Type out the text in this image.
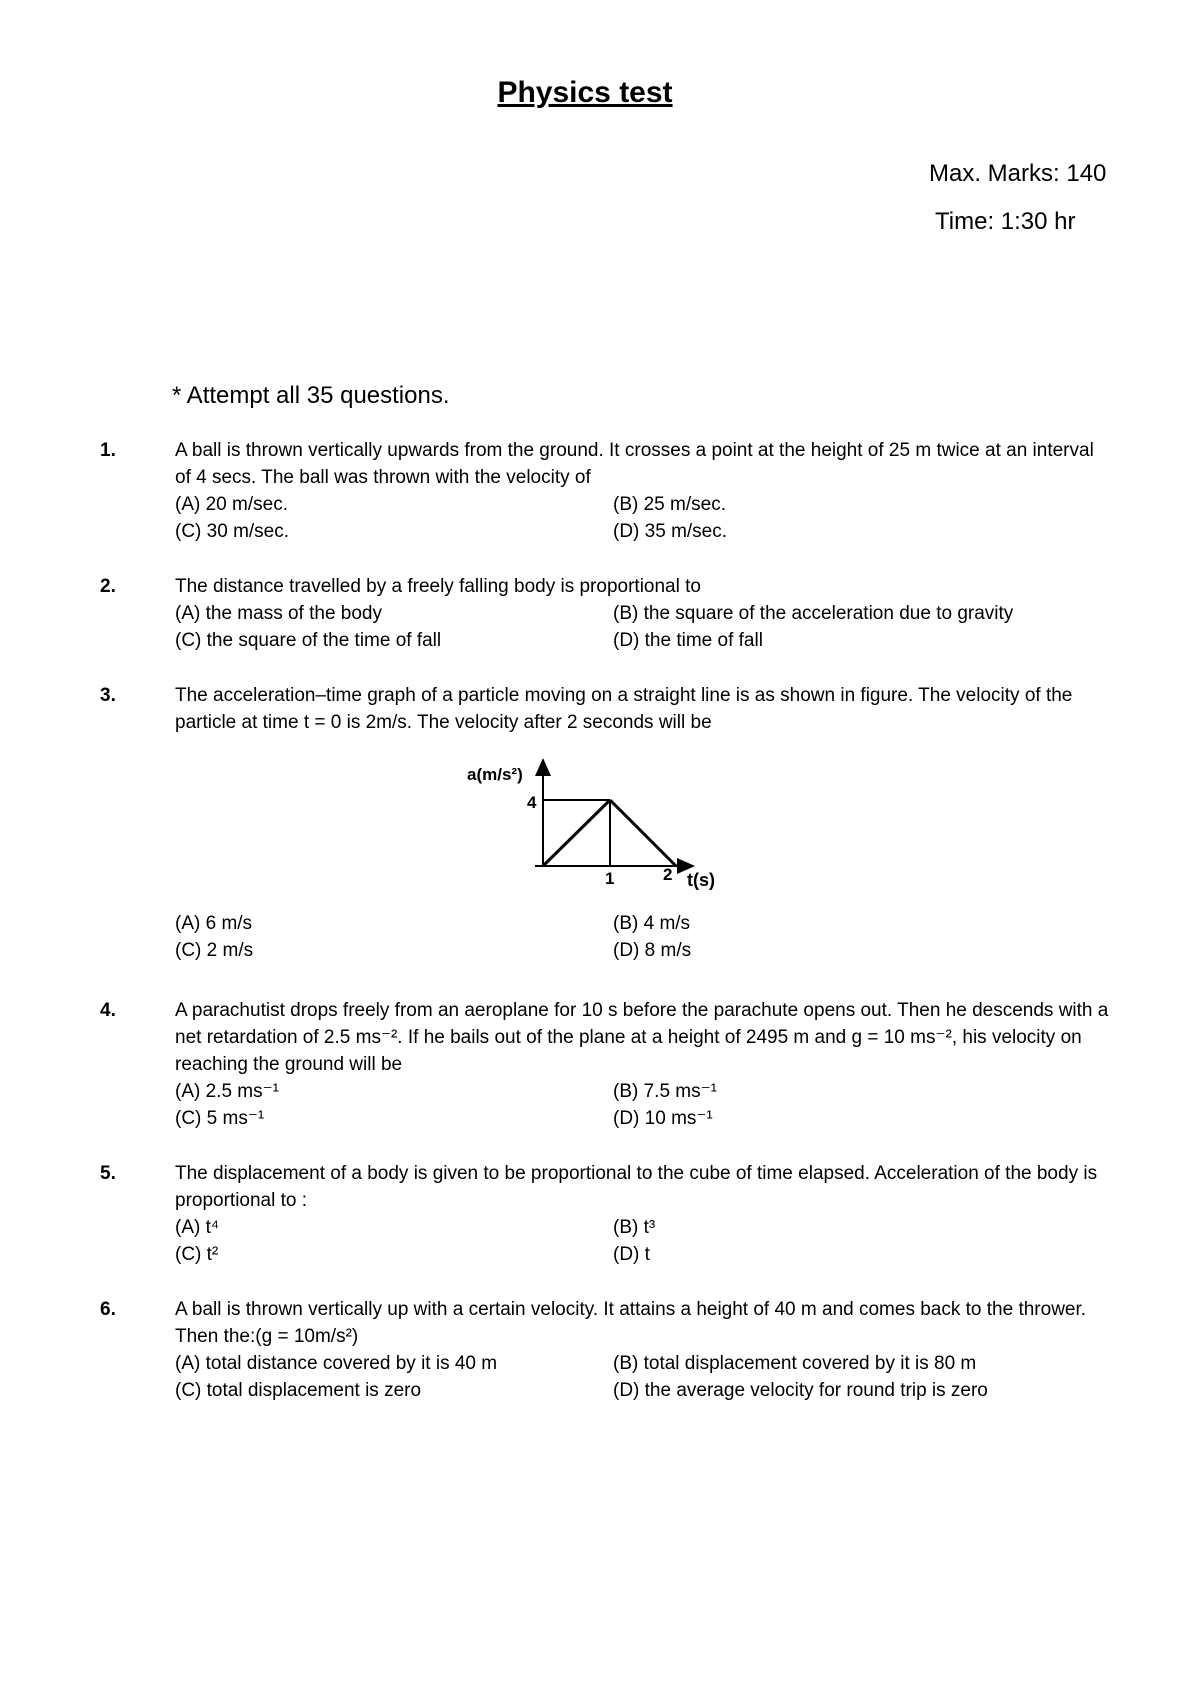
Physics test
Max. Marks: 140
Time: 1:30 hr
* Attempt all 35 questions.
1.	A ball is thrown vertically upwards from the ground. It crosses a point at the height of 25 m twice at an interval of 4 secs. The ball was thrown with the velocity of
(A) 20 m/sec.	(B) 25 m/sec.
(C) 30 m/sec.	(D) 35 m/sec.
2.	The distance travelled by a freely falling body is proportional to
(A) the mass of the body	(B) the square of the acceleration due to gravity
(C) the square of the time of fall	(D) the time of fall
3.	The acceleration–time graph of a particle moving on a straight line is as shown in figure. The velocity of the particle at time t = 0 is 2m/s. The velocity after 2 seconds will be
a(m/s²)
4
1	2 t(s)
(A) 6 m/s	(B) 4 m/s
(C) 2 m/s	(D) 8 m/s
4.	A parachutist drops freely from an aeroplane for 10 s before the parachute opens out. Then he descends with a net retardation of 2.5 ms⁻². If he bails out of the plane at a height of 2495 m and g = 10 ms⁻², his velocity on reaching the ground will be
(A) 2.5 ms⁻¹	(B) 7.5 ms⁻¹
(C) 5 ms⁻¹	(D) 10 ms⁻¹
5.	The displacement of a body is given to be proportional to the cube of time elapsed. Acceleration of the body is proportional to :
(A) t⁴	(B) t³
(C) t²	(D) t
6.	A ball is thrown vertically up with a certain velocity. It attains a height of 40 m and comes back to the thrower. Then the:(g = 10m/s²)
(A) total distance covered by it is 40 m	(B) total displacement covered by it is 80 m
(C) total displacement is zero	(D) the average velocity for round trip is zero
